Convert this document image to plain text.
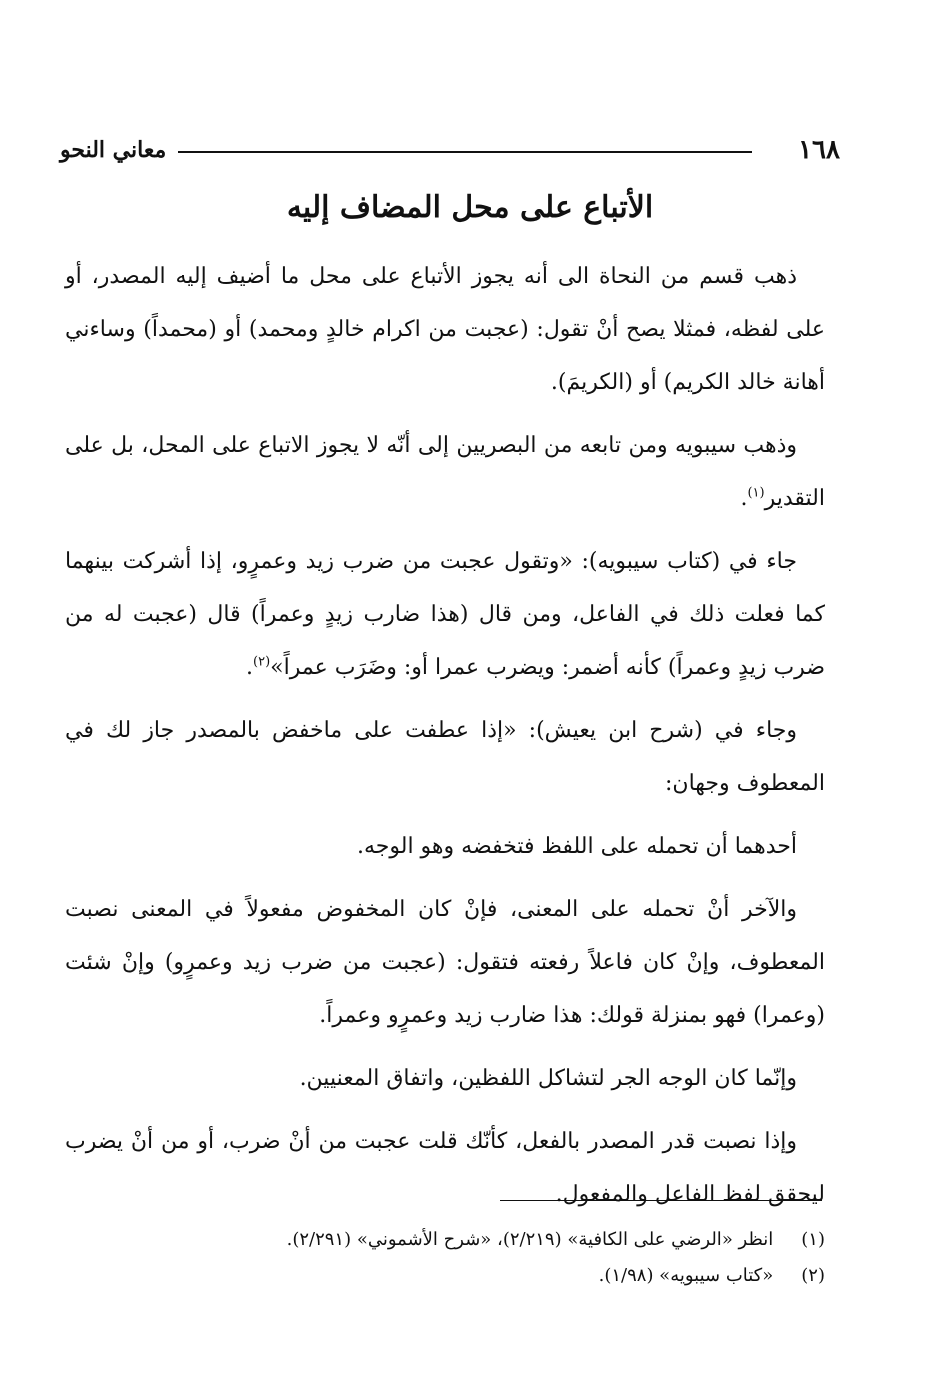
١٦٨
معاني النحو
الأتباع على محل المضاف إليه

ذهب قسم من النحاة الى أنه يجوز الأتباع على محل ما أضيف إليه المصدر، أو على لفظه، فمثلا يصح أنْ تقول: (عجبت من اكرام خالدٍ ومحمد) أو (محمداً) وساءني أهانة خالد الكريم) أو (الكريمَ).

وذهب سيبويه ومن تابعه من البصريين إلى أنّه لا يجوز الاتباع على المحل، بل على التقدير$^{(١)}$.

جاء في (كتاب سيبويه): «وتقول عجبت من ضرب زيد وعمرٍو، إذا أشركت بينهما كما فعلت ذلك في الفاعل، ومن قال (هذا ضارب زيدٍ وعمراً) قال (عجبت له من ضرب زيدٍ وعمراً) كأنه أضمر: ويضرب عمرا أو: وضَرَب عمراً»$^{(٢)}$.

وجاء في (شرح ابن يعيش): «إذا عطفت على ماخفض بالمصدر جاز لك في المعطوف وجهان:

أحدهما أن تحمله على اللفظ فتخفضه وهو الوجه.

والآخر أنْ تحمله على المعنى، فإنْ كان المخفوض مفعولاً في المعنى نصبت المعطوف، وإنْ كان فاعلاً رفعته فتقول: (عجبت من ضرب زيد وعمرٍو) وإنْ شئت (وعمرا) فهو بمنزلة قولك: هذا ضارب زيد وعمرٍو وعمراً.

وإنّما كان الوجه الجر لتشاكل اللفظين، واتفاق المعنيين.

وإذا نصبت قدر المصدر بالفعل، كأنّك قلت عجبت من أنْ ضرب، أو من أنْ يضرب ليحقق لفظ الفاعل والمفعول.

(١) انظر «الرضي على الكافية» (٢/٢١٩)، «شرح الأشموني» (٢/٢٩١).

(٢) «كتاب سيبويه» (١/٩٨).
